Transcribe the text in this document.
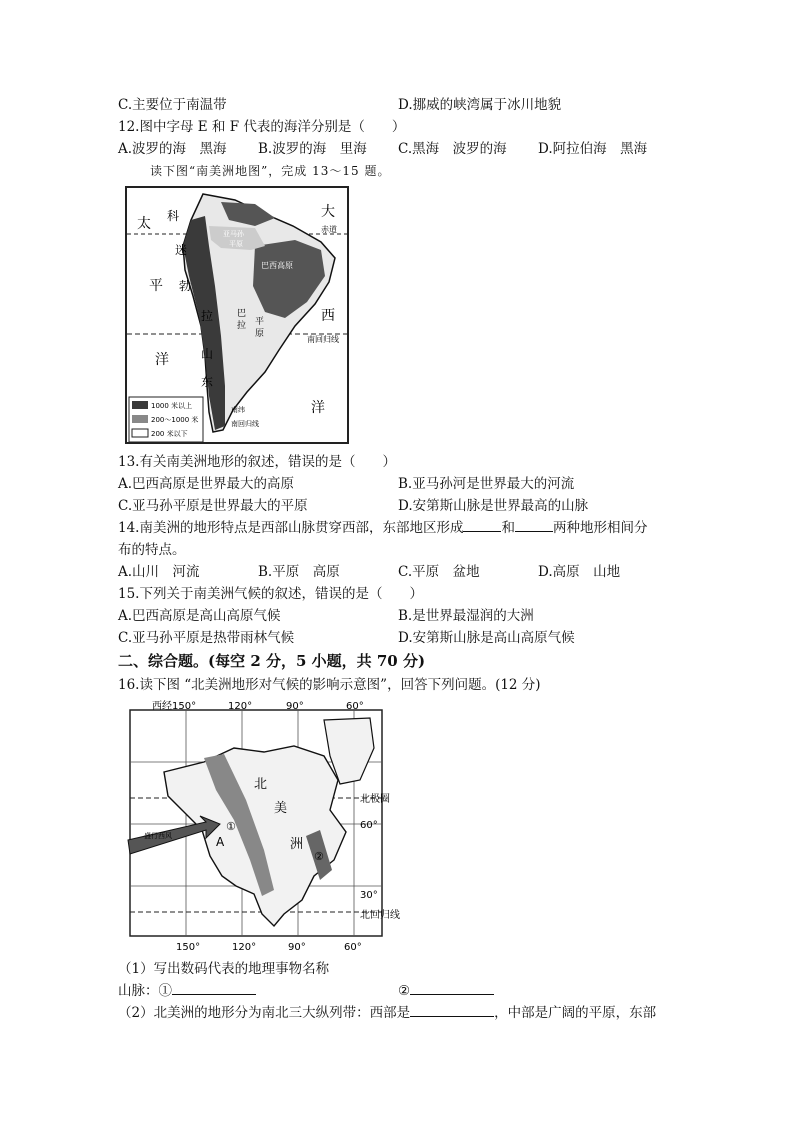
C.主要位于南温带	D.挪威的峡湾属于冰川地貌
12.图中字母 E 和 F 代表的海洋分别是（　　）
A.波罗的海　黑海 B.波罗的海　里海 C.黑海　波罗的海 D.阿拉伯海　黑海
读下图“南美洲地图”，完成 13～15 题。
太 科
迷
平 勃
拉
洋	山
东
大
赤道
亚马孙
平原
巴西高原
巴
拉 平
原
西
南回归线
洋
南纬
南回归线
1000 米以上
200～1000 米
200 米以下
13.有关南美洲地形的叙述，错误的是（　　）
A.巴西高原是世界最大的高原	B.亚马孙河是世界最大的河流
C.亚马孙平原是世界最大的平原	D.安第斯山脉是世界最高的山脉
14.南美洲的地形特点是西部山脉贯穿西部，东部地区形成	和	两种地形相间分
布的特点。
A.山川　河流	B.平原　高原	C.平原　盆地	D.高原　山地
15.下列关于南美洲气候的叙述，错误的是（　　）
A.巴西高原是高山高原气候	B.是世界最湿润的大洲
C.亚马孙平原是热带雨林气候	D.安第斯山脉是高山高原气候
二、综合题。(每空 2 分，5 小题，共 70 分)
16.读下图 “北美洲地形对气候的影响示意图”，回答下列问题。(12 分)
西经150°	120°	90°	60°
150°	120°	90°	60°
北极圈
60°
30°
北回归线
北
美
洲
A
①
②
盛行西风
（1）写出数码代表的地理事物名称
山脉：①	②
（2）北美洲的地形分为南北三大纵列带：西部是	，中部是广阔的平原，东部
